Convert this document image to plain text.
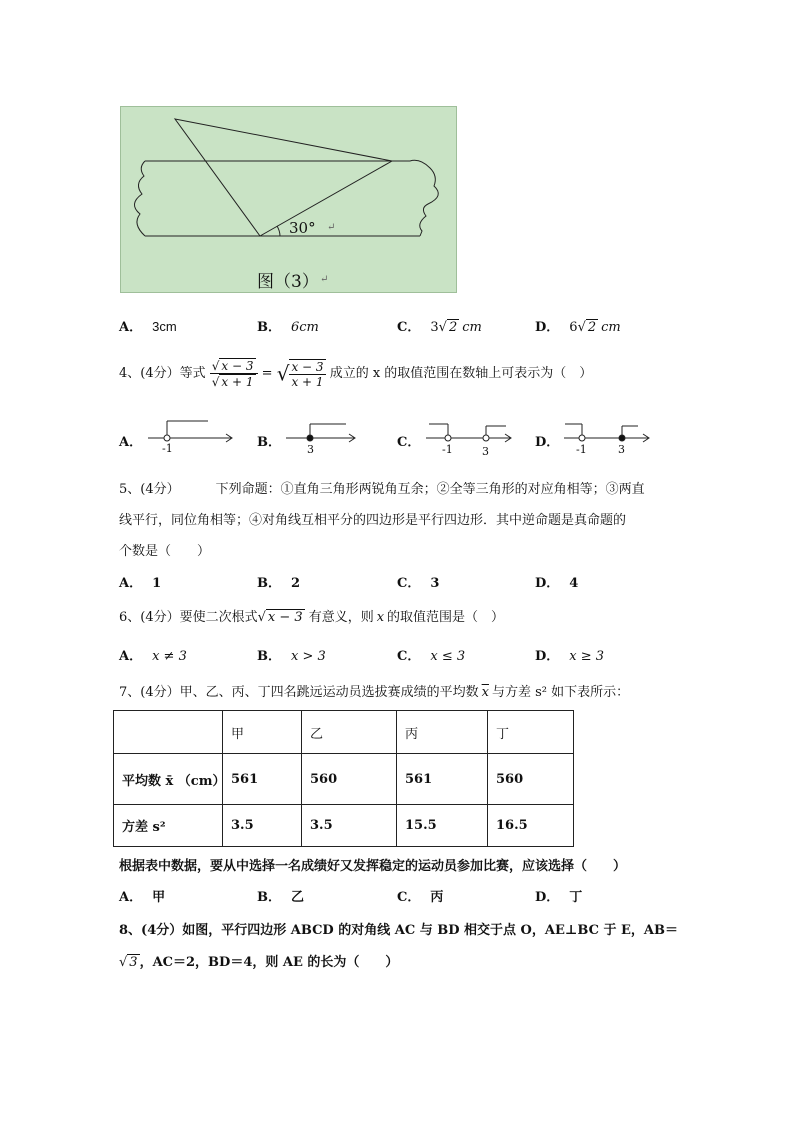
30° ↵
图（3） ↵
A． 3cm	B． 6cm	C． 3√ 2 cm	D． 6√ 2 cm
4、(4分）等式 $\frac{√ x - 3}{√ x + 1}$ = √ $\frac{x - 3}{x + 1}$ 成立的 x 的取值范围在数轴上可表示为（　）
A．	-1	B．	3	C．	-1	3
D．	-1	3
5、(4分）	下列命题：①直角三角形两锐角互余；②全等三角形的对应角相等；③两直
线平行，同位角相等；④对角线互相平分的四边形是平行四边形．其中逆命题是真命题的
个数是（　　）
A． 1	B． 2	C． 3	D． 4
6、(4分）要使二次根式√ x − 3 有意义，则 x 的取值范围是（　）
A． x ≠ 3	B． x > 3	C． x ≤ 3	D． x ≥ 3
7、(4分）甲、乙、丙、丁四名跳远运动员选拔赛成绩的平均数 $\overline{x}$ 与方差 s² 如下表所示：
	甲	乙	丙	丁
平均数 x̄ （cm）	561	560	561	560
方差 s²	3.5	3.5	15.5	16.5
根据表中数据，要从中选择一名成绩好又发挥稳定的运动员参加比赛，应该选择（　　）
A． 甲	B． 乙	C． 丙	D． 丁
8、(4分）如图，平行四边形 ABCD 的对角线 AC 与 BD 相交于点 O，AE⊥BC 于 E，AB＝
√ 3 ，AC＝2，BD＝4，则 AE 的长为（　　）
